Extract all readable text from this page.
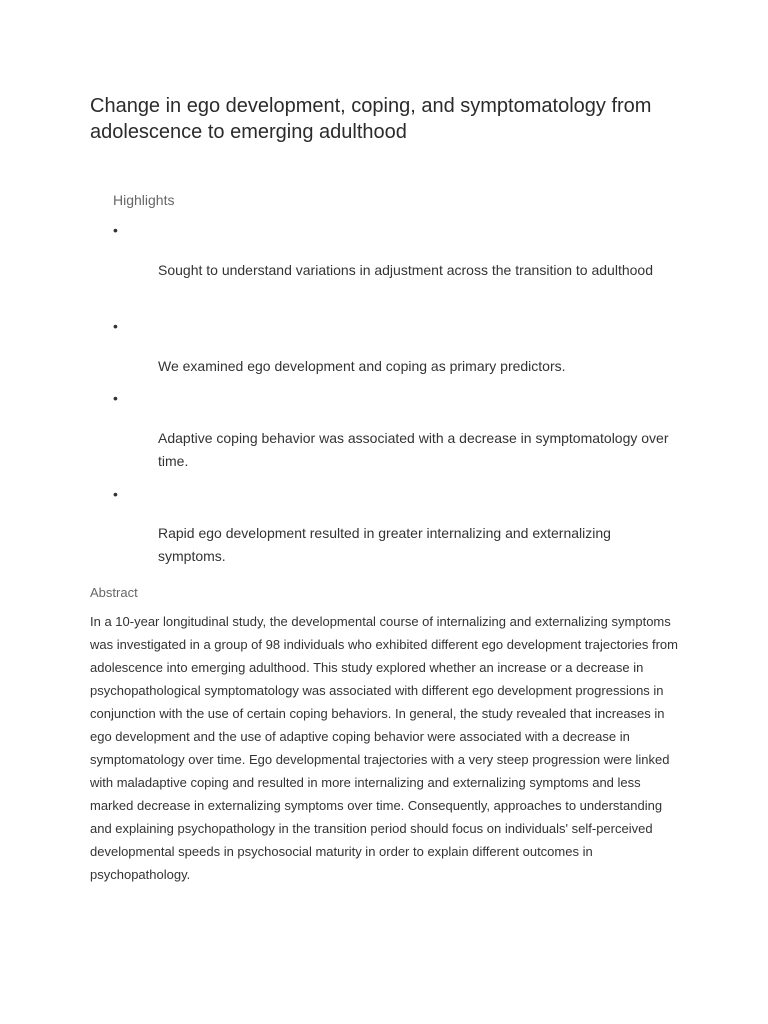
Change in ego development, coping, and symptomatology from adolescence to emerging adulthood
Highlights
•
Sought to understand variations in adjustment across the transition to adulthood
•
We examined ego development and coping as primary predictors.
•
Adaptive coping behavior was associated with a decrease in symptomatology over time.
•
Rapid ego development resulted in greater internalizing and externalizing symptoms.
Abstract

In a 10-year longitudinal study, the developmental course of internalizing and externalizing symptoms was investigated in a group of 98 individuals who exhibited different ego development trajectories from adolescence into emerging adulthood. This study explored whether an increase or a decrease in psychopathological symptomatology was associated with different ego development progressions in conjunction with the use of certain coping behaviors. In general, the study revealed that increases in ego development and the use of adaptive coping behavior were associated with a decrease in symptomatology over time. Ego developmental trajectories with a very steep progression were linked with maladaptive coping and resulted in more internalizing and externalizing symptoms and less marked decrease in externalizing symptoms over time. Consequently, approaches to understanding and explaining psychopathology in the transition period should focus on individuals' self-perceived developmental speeds in psychosocial maturity in order to explain different outcomes in psychopathology.
